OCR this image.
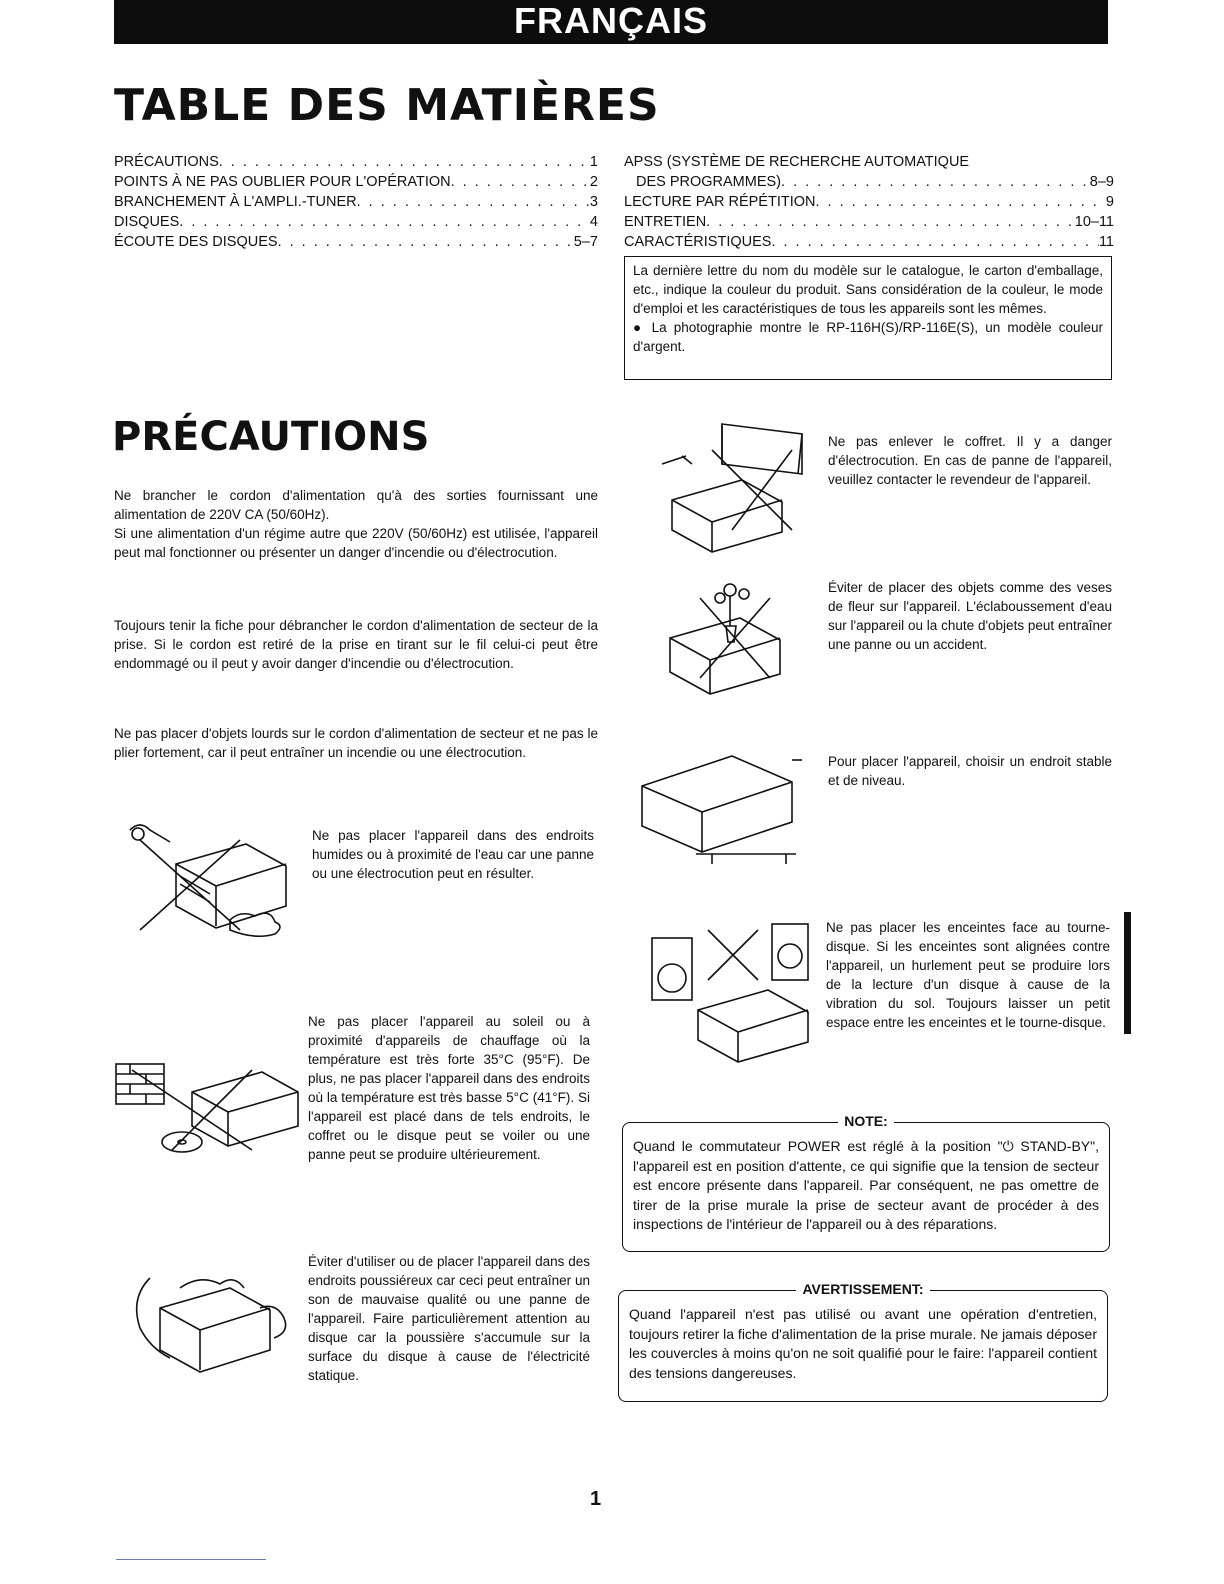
FRANÇAIS
TABLE DES MATIÈRES
PRÉCAUTIONS . . .	1
POINTS À NE PAS OUBLIER POUR L'OPÉRATION . . .	2
BRANCHEMENT À L'AMPLI.-TUNER . . .	3
DISQUES . . .	4
ÉCOUTE DES DISQUES . . .	5–7
APSS (SYSTÈME DE RECHERCHE AUTOMATIQUE
DES PROGRAMMES) . . .	8–9
LECTURE PAR RÉPÉTITION . . .	9
ENTRETIEN . . .	10–11
CARACTÉRISTIQUES . . .	11

La dernière lettre du nom du modèle sur le catalogue, le carton d'emballage, etc., indique la couleur du produit. Sans considération de la couleur, le mode d'emploi et les caractéristiques de tous les appareils sont les mêmes.

● La photographie montre le RP-116H(S)/RP-116E(S), un modèle couleur d'argent.

PRÉCAUTIONS

Ne brancher le cordon d'alimentation qu'à des sorties fournissant une alimentation de 220V CA (50/60Hz).

Si une alimentation d'un régime autre que 220V (50/60Hz) est utilisée, l'appareil peut mal fonctionner ou présenter un danger d'incendie ou d'électrocution.

Toujours tenir la fiche pour débrancher le cordon d'alimentation de secteur de la prise. Si le cordon est retiré de la prise en tirant sur le fil celui-ci peut être endommagé ou il peut y avoir danger d'incendie ou d'électrocution.

Ne pas placer d'objets lourds sur le cordon d'alimentation de secteur et ne pas le plier fortement, car il peut entraîner un incendie ou une électrocution.

Ne pas placer l'appareil dans des endroits humides ou à proximité de l'eau car une panne ou une électrocution peut en résulter.

Ne pas placer l'appareil au soleil ou à proximité d'appareils de chauffage où la température est très forte 35°C (95°F). De plus, ne pas placer l'appareil dans des endroits où la température est très basse 5°C (41°F). Si l'appareil est placé dans de tels endroits, le coffret ou le disque peut se voiler ou une panne peut se produire ultérieurement.

Éviter d'utiliser ou de placer l'appareil dans des endroits poussiéreux car ceci peut entraîner un son de mauvaise qualité ou une panne de l'appareil. Faire particulièrement attention au disque car la poussière s'accumule sur la surface du disque à cause de l'électricité statique.

Ne pas enlever le coffret. Il y a danger d'électrocution. En cas de panne de l'appareil, veuillez contacter le revendeur de l'appareil.

Éviter de placer des objets comme des veses de fleur sur l'appareil. L'éclaboussement d'eau sur l'appareil ou la chute d'objets peut entraîner une panne ou un accident.

Pour placer l'appareil, choisir un endroit stable et de niveau.

Ne pas placer les enceintes face au tourne-disque. Si les enceintes sont alignées contre l'appareil, un hurlement peut se produire lors de la lecture d'un disque à cause de la vibration du sol. Toujours laisser un petit espace entre les enceintes et le tourne-disque.

NOTE:

Quand le commutateur POWER est réglé à la position "⏻ STAND-BY", l'appareil est en position d'attente, ce qui signifie que la tension de secteur est encore présente dans l'appareil. Par conséquent, ne pas omettre de tirer de la prise murale la prise de secteur avant de procéder à des inspections de l'intérieur de l'appareil ou à des réparations.

AVERTISSEMENT:

Quand l'appareil n'est pas utilisé ou avant une opération d'entretien, toujours retirer la fiche d'alimentation de la prise murale. Ne jamais déposer les couvercles à moins qu'on ne soit qualifié pour le faire: l'appareil contient des tensions dangereuses.

1
